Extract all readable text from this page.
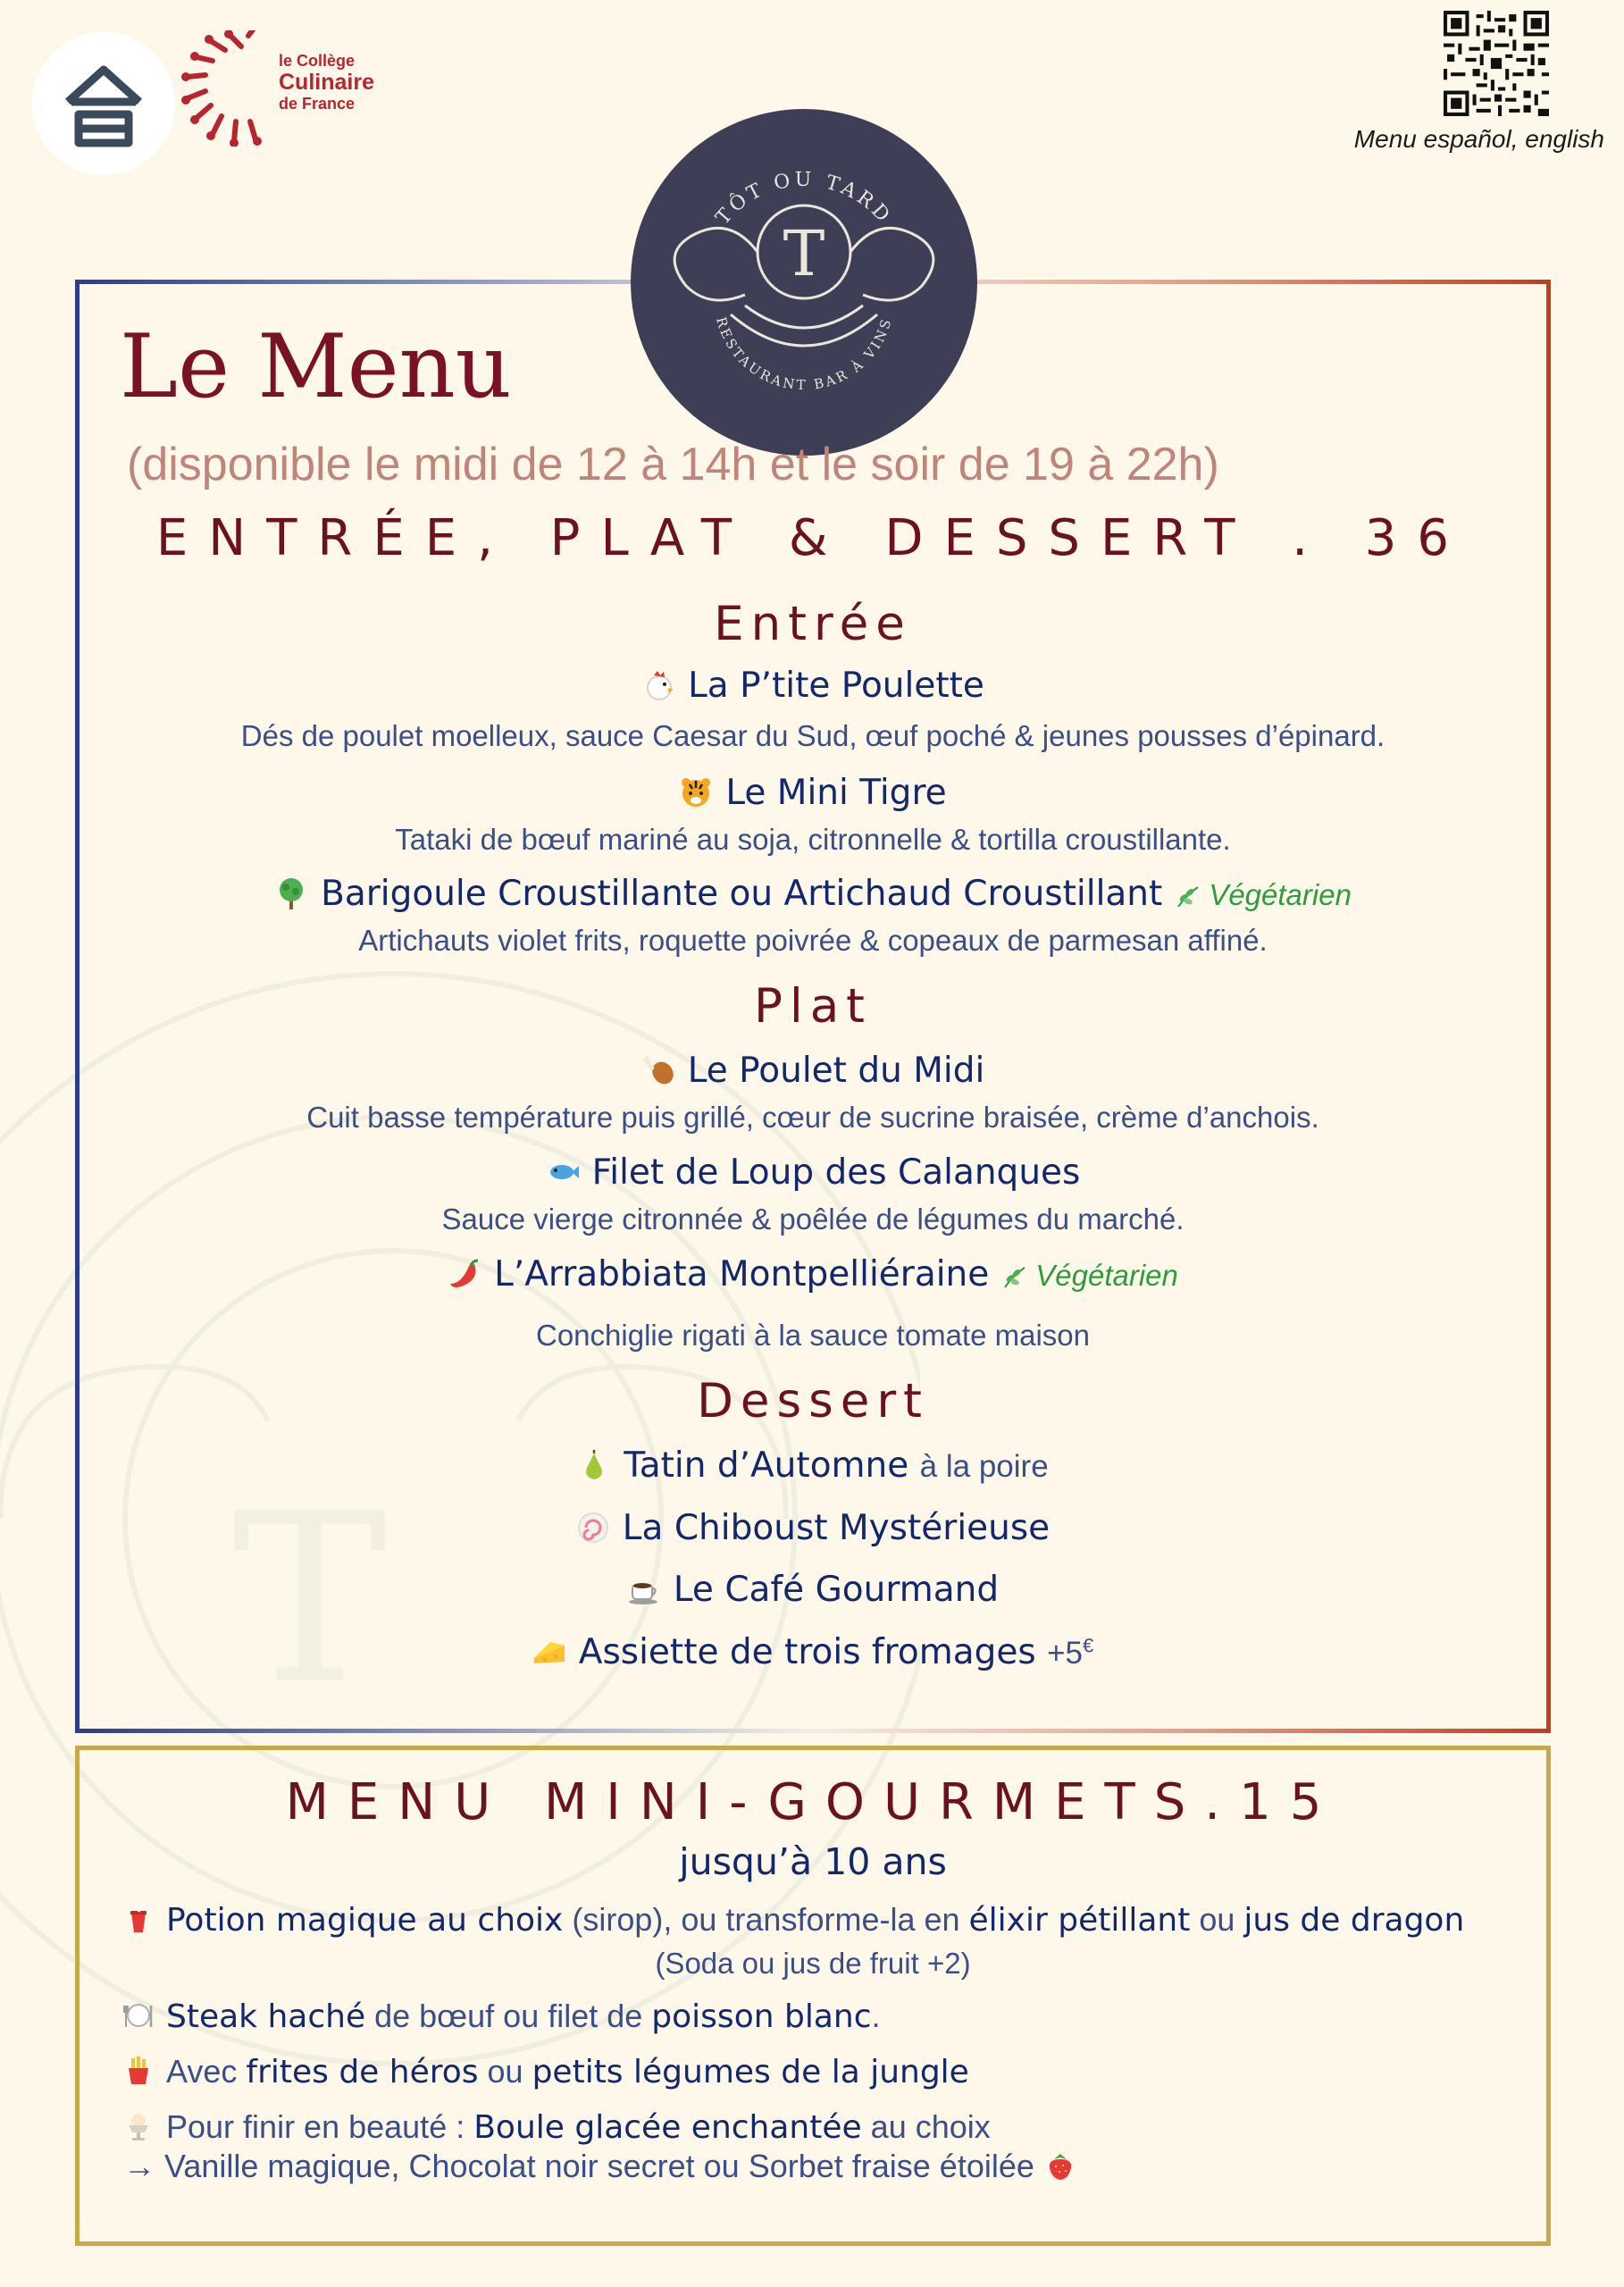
T
le Collège
Culinaire
de France
Menu español, english
TÔT OU TARD
T
RESTAURANT BAR À VINS
Le Menu
(disponible le midi de 12 à 14h et le soir de 19 à 22h)
ENTRÉE, PLAT & DESSERT . 36
Entrée
La P’tite Poulette
Dés de poulet moelleux, sauce Caesar du Sud, œuf poché & jeunes pousses d’épinard.
Le Mini Tigre
Tataki de bœuf mariné au soja, citronnelle & tortilla croustillante.
Barigoule Croustillante ou Artichaud Croustillant Végétarien
Artichauts violet frits, roquette poivrée & copeaux de parmesan affiné.
Plat
Le Poulet du Midi
Cuit basse température puis grillé, cœur de sucrine braisée, crème d’anchois.
Filet de Loup des Calanques
Sauce vierge citronnée & poêlée de légumes du marché.
L’Arrabbiata Montpelliéraine Végétarien
Conchiglie rigati à la sauce tomate maison
Dessert
Tatin d’Automne à la poire
La Chiboust Mystérieuse
Le Café Gourmand
Assiette de trois fromages +5€
MENU MINI-GOURMETS.15
jusqu’à 10 ans
Potion magique au choix (sirop), ou transforme-la en élixir pétillant ou jus de dragon
(Soda ou jus de fruit +2)
Steak haché de bœuf ou filet de poisson blanc.
Avec frites de héros ou petits légumes de la jungle
Pour finir en beauté : Boule glacée enchantée au choix
→ Vanille magique, Chocolat noir secret ou Sorbet fraise étoilée
